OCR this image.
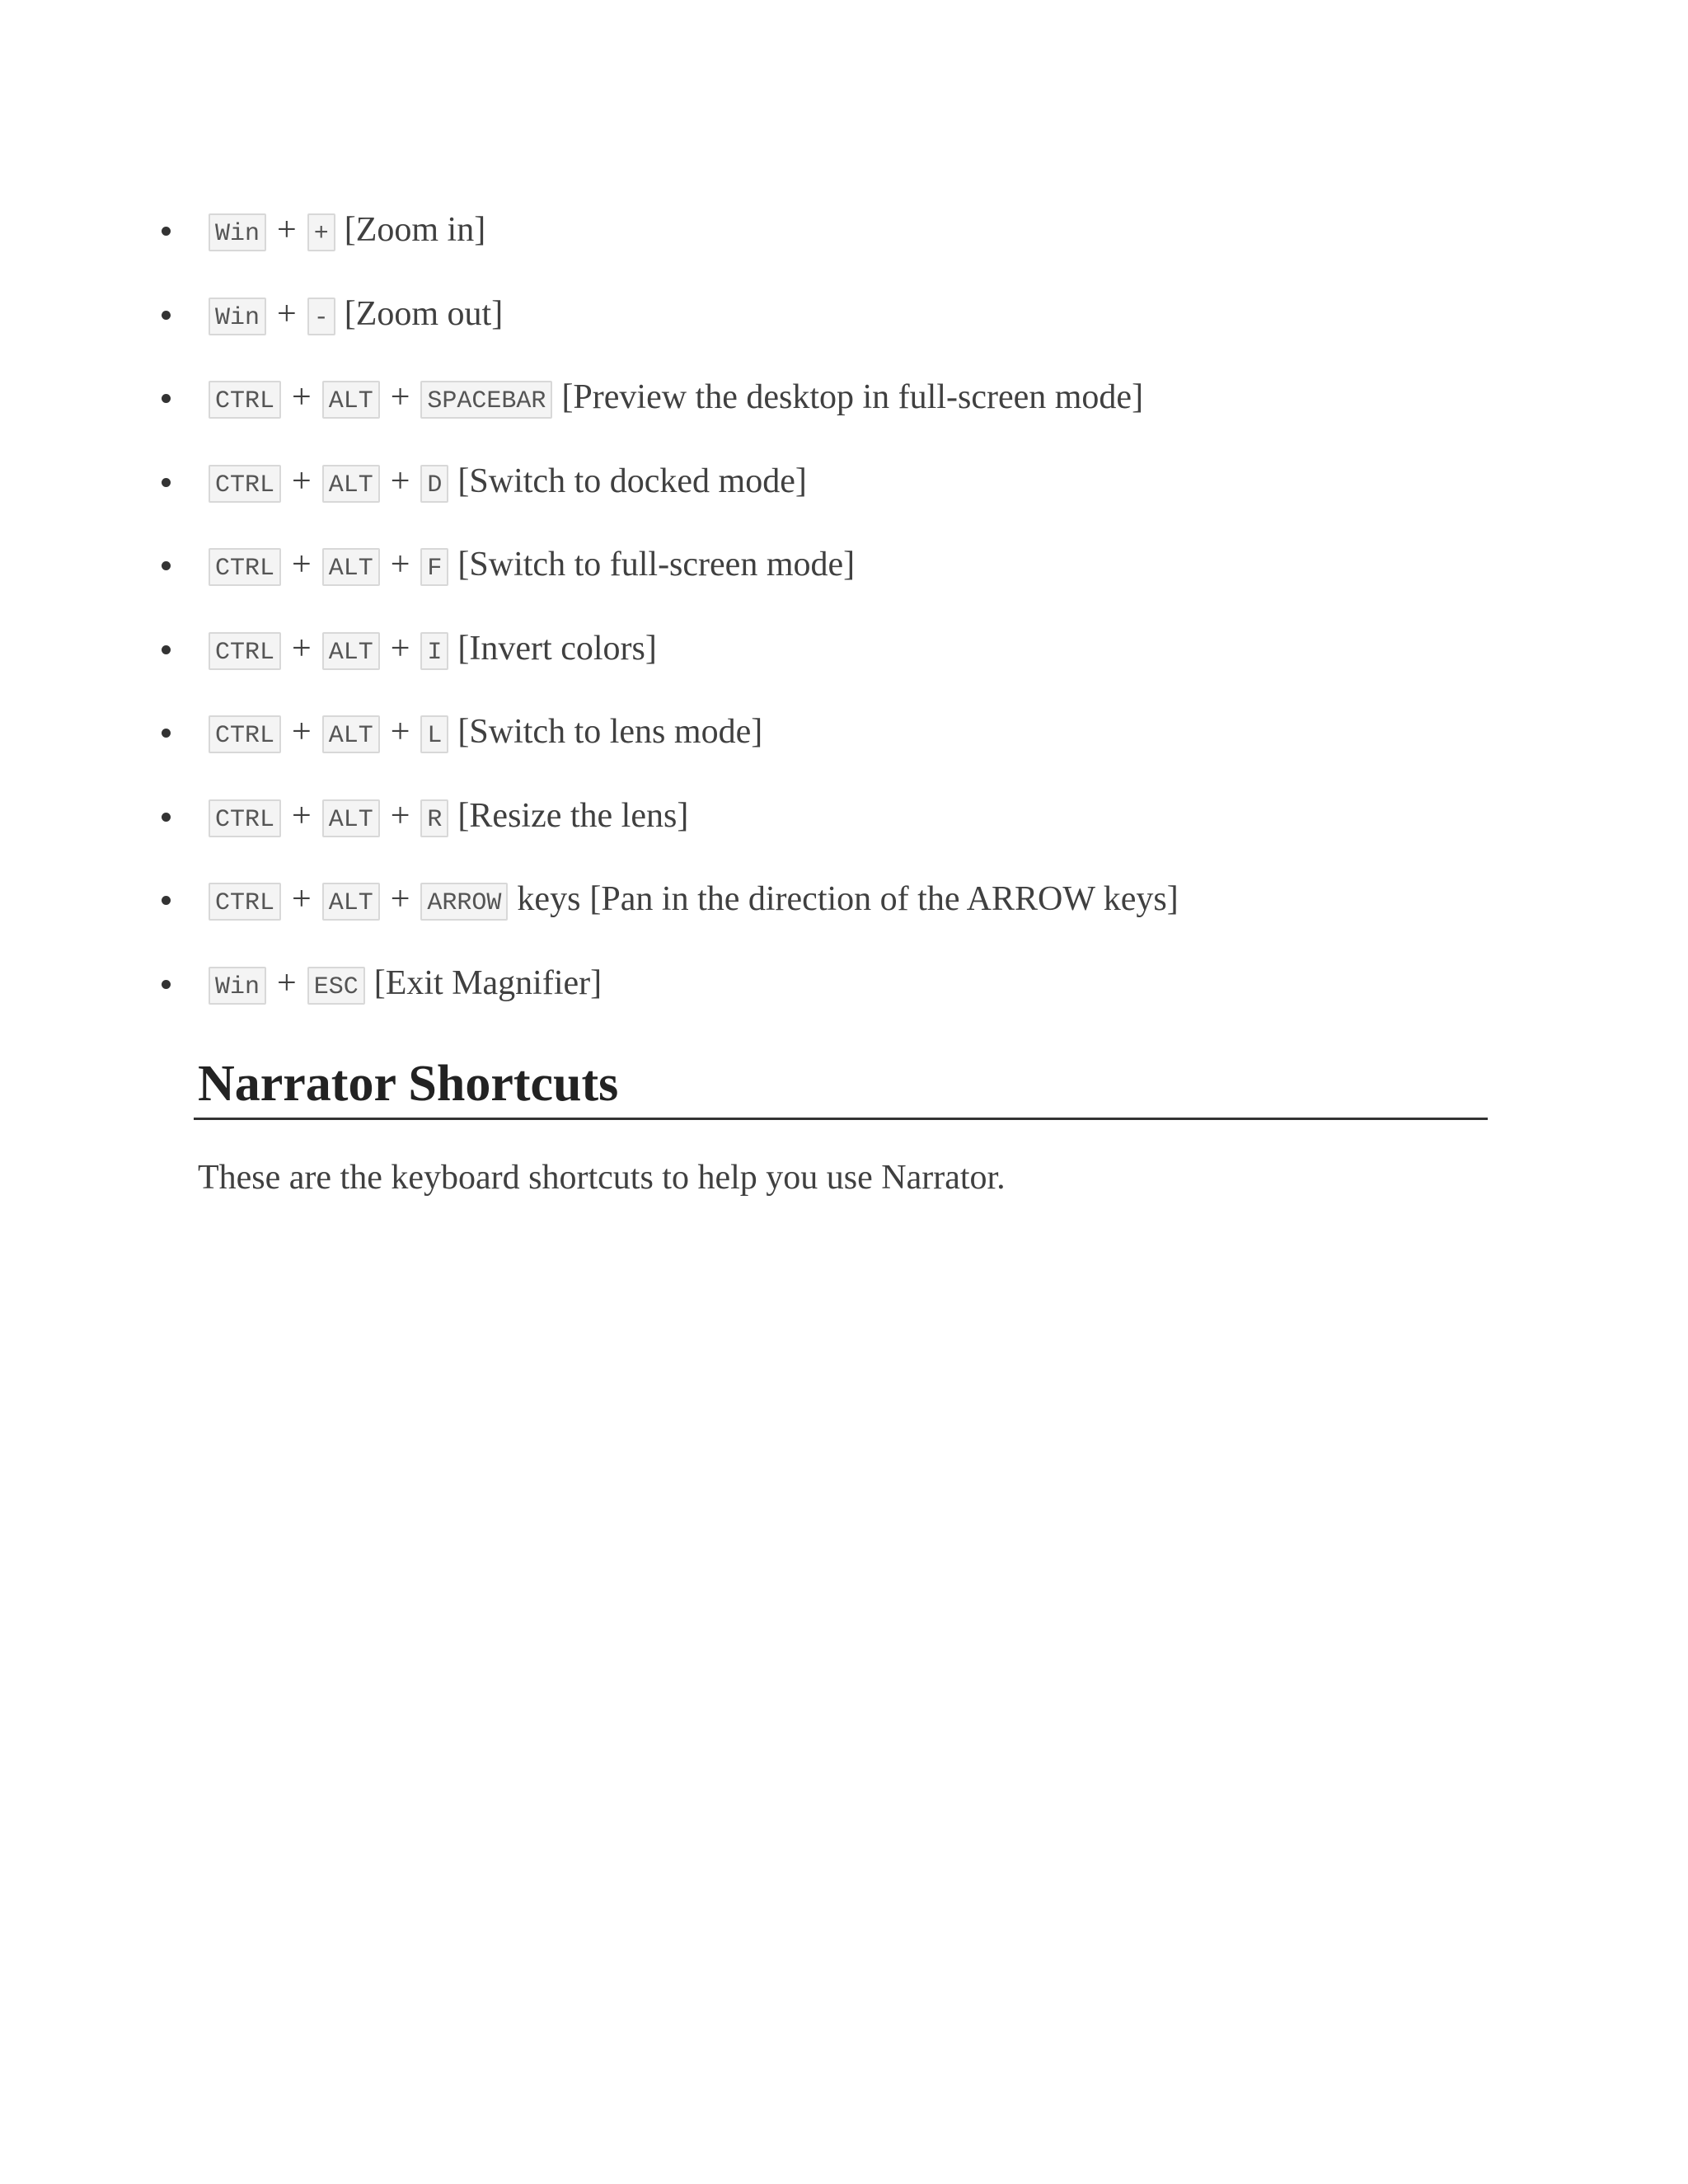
Win + + [Zoom in]
Win + - [Zoom out]
CTRL + ALT + SPACEBAR [Preview the desktop in full-screen mode]
CTRL + ALT + D [Switch to docked mode]
CTRL + ALT + F [Switch to full-screen mode]
CTRL + ALT + I [Invert colors]
CTRL + ALT + L [Switch to lens mode]
CTRL + ALT + R [Resize the lens]
CTRL + ALT + ARROW keys [Pan in the direction of the ARROW keys]
Win + ESC [Exit Magnifier]
Narrator Shortcuts

These are the keyboard shortcuts to help you use Narrator.
